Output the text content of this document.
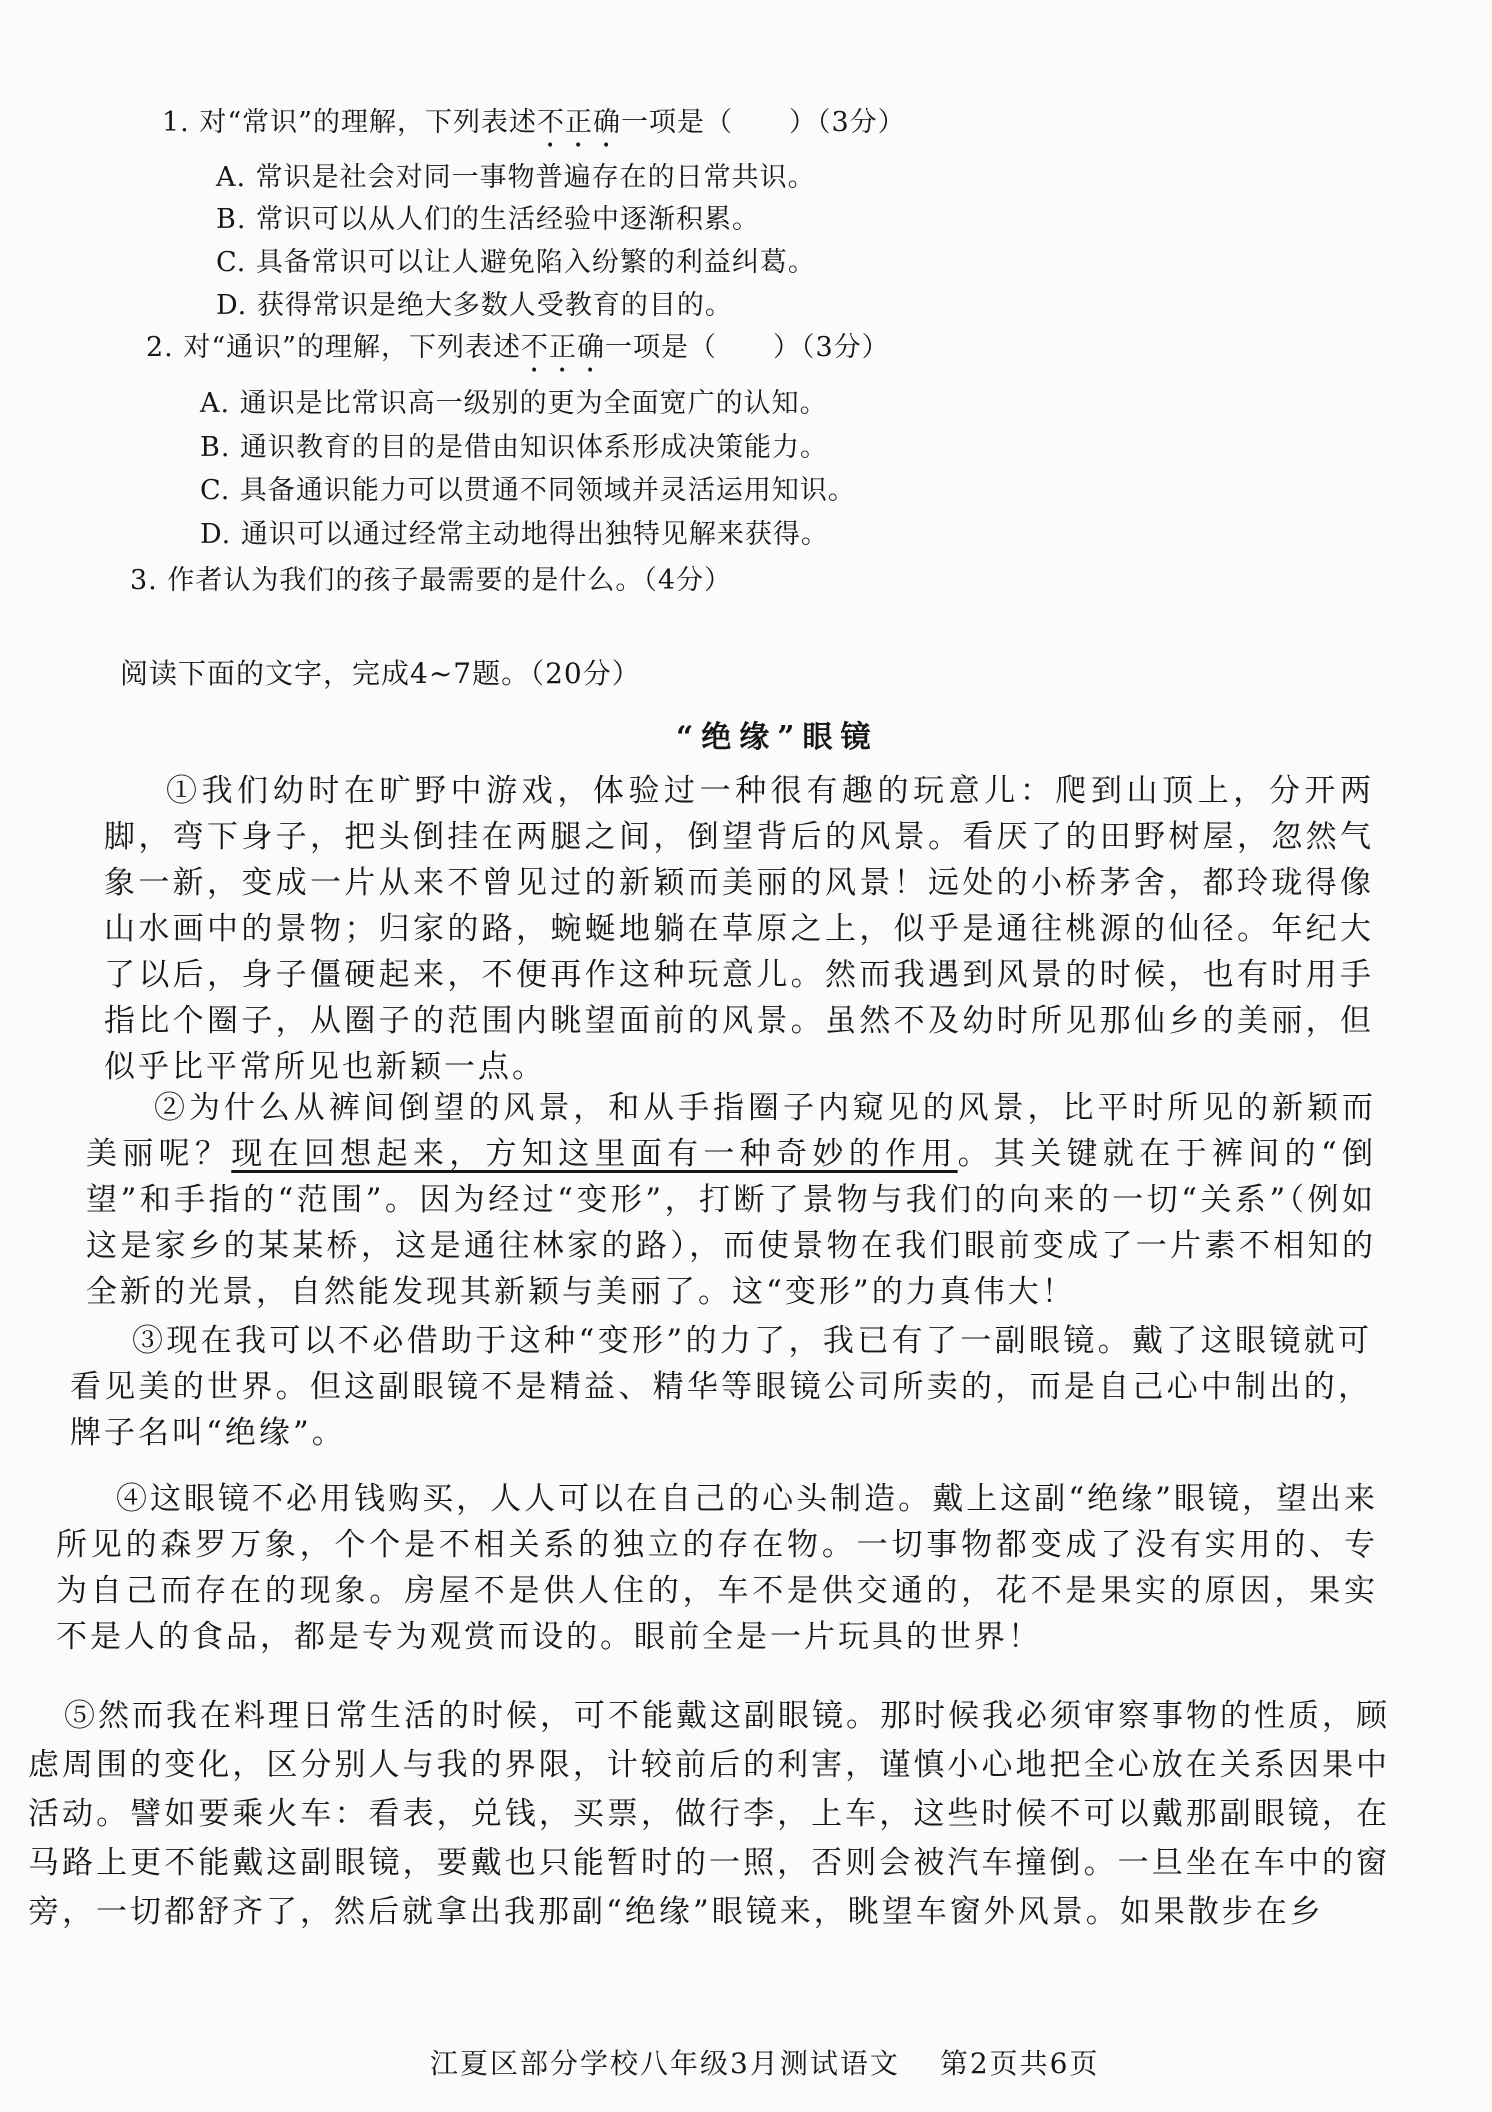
1. 对“常识”的理解，下列表述不正确一项是（　　）（3分）
A. 常识是社会对同一事物普遍存在的日常共识。
B. 常识可以从人们的生活经验中逐渐积累。
C. 具备常识可以让人避免陷入纷繁的利益纠葛。
D. 获得常识是绝大多数人受教育的目的。
2. 对“通识”的理解，下列表述不正确一项是（　　）（3分）
A. 通识是比常识高一级别的更为全面宽广的认知。
B. 通识教育的目的是借由知识体系形成决策能力。
C. 具备通识能力可以贯通不同领域并灵活运用知识。
D. 通识可以通过经常主动地得出独特见解来获得。
3. 作者认为我们的孩子最需要的是什么。（4分）
阅读下面的文字，完成4~7题。（20分）
“绝缘”眼镜

①我们幼时在旷野中游戏，体验过一种很有趣的玩意儿：爬到山顶上，分开两脚，弯下身子，把头倒挂在两腿之间，倒望背后的风景。看厌了的田野树屋，忽然气象一新，变成一片从来不曾见过的新颖而美丽的风景！远处的小桥茅舍，都玲珑得像山水画中的景物；归家的路，蜿蜒地躺在草原之上，似乎是通往桃源的仙径。年纪大了以后，身子僵硬起来，不便再作这种玩意儿。然而我遇到风景的时候，也有时用手指比个圈子，从圈子的范围内眺望面前的风景。虽然不及幼时所见那仙乡的美丽，但似乎比平常所见也新颖一点。

②为什么从裤间倒望的风景，和从手指圈子内窥见的风景，比平时所见的新颖而美丽呢？现在回想起来，方知这里面有一种奇妙的作用。其关键就在于裤间的“倒望”和手指的“范围”。因为经过“变形”，打断了景物与我们的向来的一切“关系”（例如这是家乡的某某桥，这是通往林家的路），而使景物在我们眼前变成了一片素不相知的全新的光景，自然能发现其新颖与美丽了。这“变形”的力真伟大！

③现在我可以不必借助于这种“变形”的力了，我已有了一副眼镜。戴了这眼镜就可看见美的世界。但这副眼镜不是精益、精华等眼镜公司所卖的，而是自己心中制出的，牌子名叫“绝缘”。

④这眼镜不必用钱购买，人人可以在自己的心头制造。戴上这副“绝缘”眼镜，望出来所见的森罗万象，个个是不相关系的独立的存在物。一切事物都变成了没有实用的、专为自己而存在的现象。房屋不是供人住的，车不是供交通的，花不是果实的原因，果实不是人的食品，都是专为观赏而设的。眼前全是一片玩具的世界！

⑤然而我在料理日常生活的时候，可不能戴这副眼镜。那时候我必须审察事物的性质，顾虑周围的变化，区分别人与我的界限，计较前后的利害，谨慎小心地把全心放在关系因果中活动。譬如要乘火车：看表，兑钱，买票，做行李，上车，这些时候不可以戴那副眼镜，在马路上更不能戴这副眼镜，要戴也只能暂时的一照，否则会被汽车撞倒。一旦坐在车中的窗旁，一切都舒齐了，然后就拿出我那副“绝缘”眼镜来，眺望车窗外风景。如果散步在乡

江夏区部分学校八年级3月测试语文 第2页共6页
